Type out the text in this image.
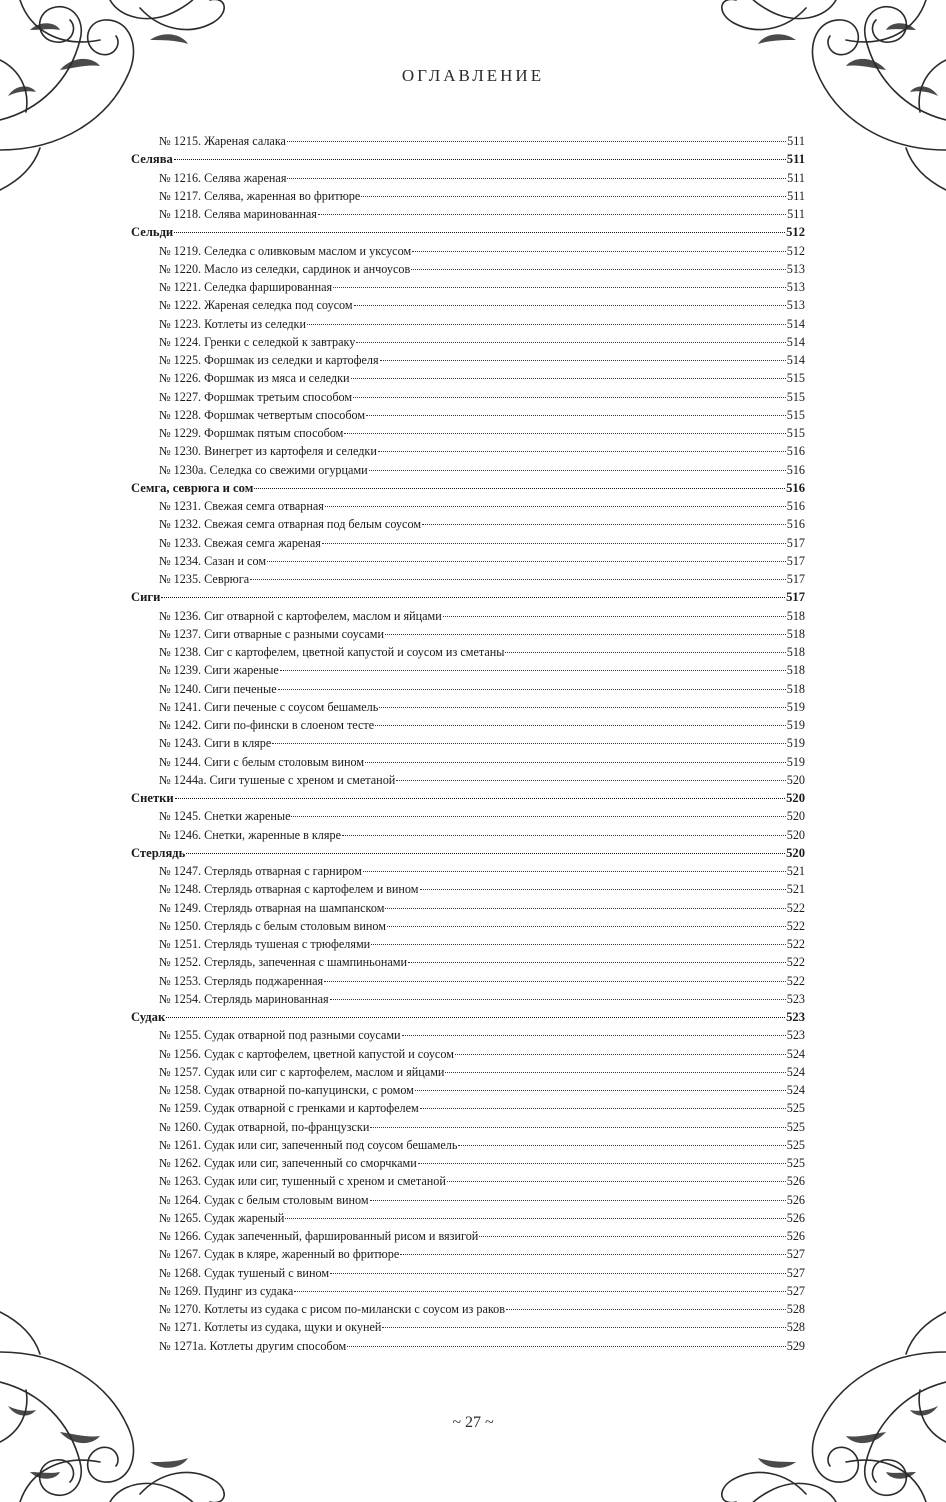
ОГЛАВЛЕНИЕ
№ 1215. Жареная салака	511
Селява	511
№ 1216. Селява жареная	511
№ 1217. Селява, жаренная во фритюре	511
№ 1218. Селява маринованная	511
Сельди	512
№ 1219. Селедка с оливковым маслом и уксусом	512
№ 1220. Масло из селедки, сардинок и анчоусов	513
№ 1221. Селедка фаршированная	513
№ 1222. Жареная селедка под соусом	513
№ 1223. Котлеты из селедки	514
№ 1224. Гренки с селедкой к завтраку	514
№ 1225. Форшмак из селедки и картофеля	514
№ 1226. Форшмак из мяса и селедки	515
№ 1227. Форшмак третьим способом	515
№ 1228. Форшмак четвертым способом	515
№ 1229. Форшмак пятым способом	515
№ 1230. Винегрет из картофеля и селедки	516
№ 1230а. Селедка со свежими огурцами	516
Семга, севрюга и сом	516
№ 1231. Свежая семга отварная	516
№ 1232. Свежая семга отварная под белым соусом	516
№ 1233. Свежая семга жареная	517
№ 1234. Сазан и сом	517
№ 1235. Севрюга	517
Сиги	517
№ 1236. Сиг отварной с картофелем, маслом и яйцами	518
№ 1237. Сиги отварные с разными соусами	518
№ 1238. Сиг с картофелем, цветной капустой и соусом из сметаны	518
№ 1239. Сиги жареные	518
№ 1240. Сиги печеные	518
№ 1241. Сиги печеные с соусом бешамель	519
№ 1242. Сиги по-фински в слоеном тесте	519
№ 1243. Сиги в кляре	519
№ 1244. Сиги с белым столовым вином	519
№ 1244а. Сиги тушеные с хреном и сметаной	520
Снетки	520
№ 1245. Снетки жареные	520
№ 1246. Снетки, жаренные в кляре	520
Стерлядь	520
№ 1247. Стерлядь отварная с гарниром	521
№ 1248. Стерлядь отварная с картофелем и вином	521
№ 1249. Стерлядь отварная на шампанском	522
№ 1250. Стерлядь с белым столовым вином	522
№ 1251. Стерлядь тушеная с трюфелями	522
№ 1252. Стерлядь, запеченная с шампиньонами	522
№ 1253. Стерлядь поджаренная	522
№ 1254. Стерлядь маринованная	523
Судак	523
№ 1255. Судак отварной под разными соусами	523
№ 1256. Судак с картофелем, цветной капустой и соусом	524
№ 1257. Судак или сиг с картофелем, маслом и яйцами	524
№ 1258. Судак отварной по-капуцински, с ромом	524
№ 1259. Судак отварной с гренками и картофелем	525
№ 1260. Судак отварной, по-французски	525
№ 1261. Судак или сиг, запеченный под соусом бешамель	525
№ 1262. Судак или сиг, запеченный со сморчками	525
№ 1263. Судак или сиг, тушенный с хреном и сметаной	526
№ 1264. Судак с белым столовым вином	526
№ 1265. Судак жареный	526
№ 1266. Судак запеченный, фаршированный рисом и вязигой	526
№ 1267. Судак в кляре, жаренный во фритюре	527
№ 1268. Судак тушеный с вином	527
№ 1269. Пудинг из судака	527
№ 1270. Котлеты из судака с рисом по-милански с соусом из раков	528
№ 1271. Котлеты из судака, щуки и окуней	528
№ 1271а. Котлеты другим способом	529
~ 27 ~
